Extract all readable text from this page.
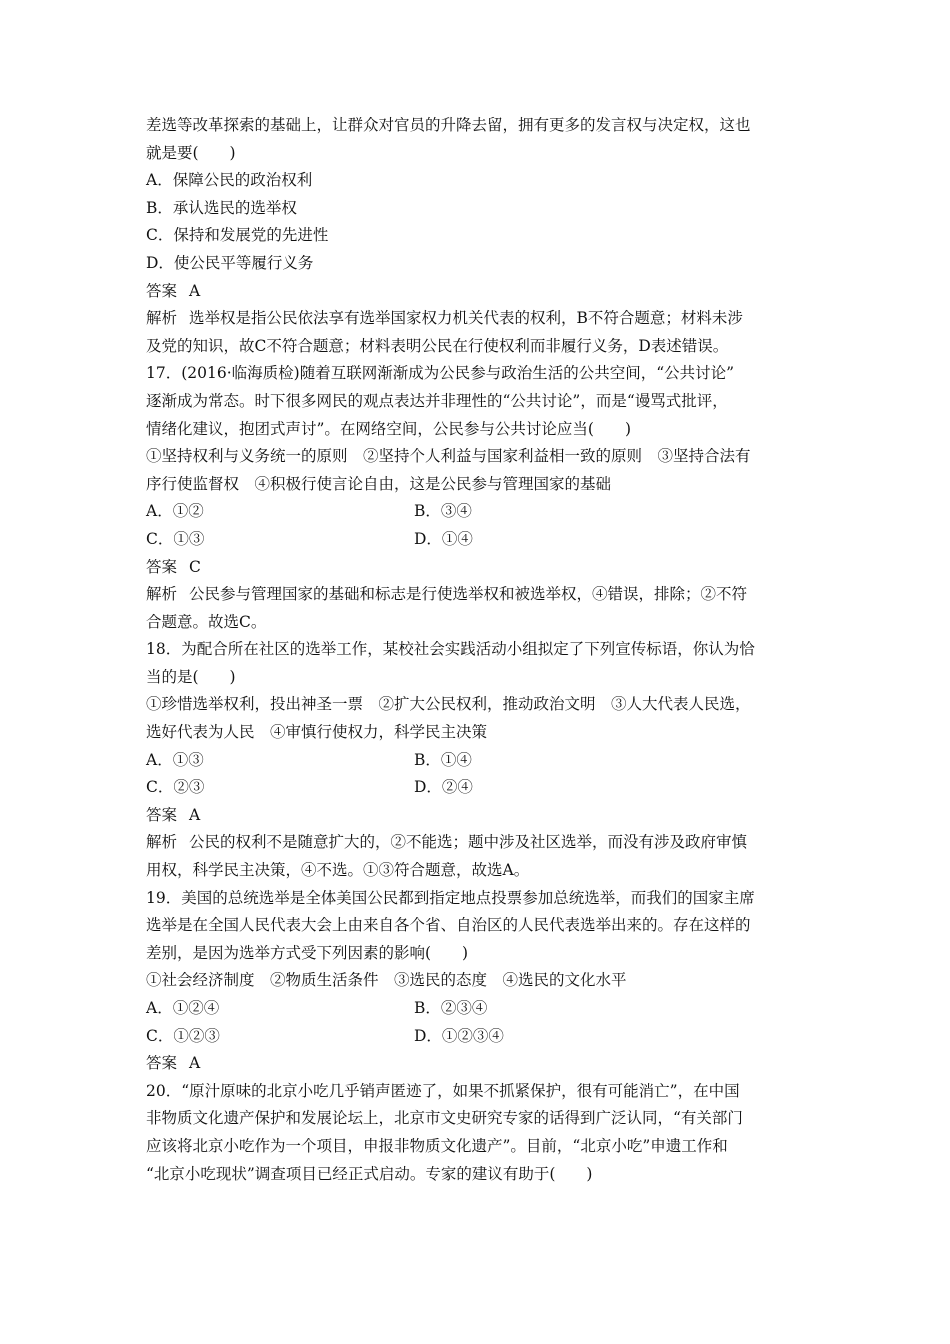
差选等改革探索的基础上，让群众对官员的升降去留，拥有更多的发言权与决定权，这也
就是要(　　)
A．保障公民的政治权利
B．承认选民的选举权
C．保持和发展党的先进性
D．使公民平等履行义务
答案 A
解析 选举权是指公民依法享有选举国家权力机关代表的权利，B不符合题意；材料未涉
及党的知识，故C不符合题意；材料表明公民在行使权利而非履行义务，D表述错误。
17．(2016·临海质检)随着互联网渐渐成为公民参与政治生活的公共空间，“公共讨论”
逐渐成为常态。时下很多网民的观点表达并非理性的“公共讨论”，而是“谩骂式批评，
情绪化建议，抱团式声讨”。在网络空间，公民参与公共讨论应当(　　)
①坚持权利与义务统一的原则　②坚持个人利益与国家利益相一致的原则　③坚持合法有
序行使监督权　④积极行使言论自由，这是公民参与管理国家的基础
A．①②	B．③④
C．①③	D．①④
答案 C
解析 公民参与管理国家的基础和标志是行使选举权和被选举权，④错误，排除；②不符
合题意。故选C。
18．为配合所在社区的选举工作，某校社会实践活动小组拟定了下列宣传标语，你认为恰
当的是(　　)
①珍惜选举权利，投出神圣一票　②扩大公民权利，推动政治文明　③人大代表人民选，
选好代表为人民　④审慎行使权力，科学民主决策
A．①③	B．①④
C．②③	D．②④
答案 A
解析 公民的权利不是随意扩大的，②不能选；题中涉及社区选举，而没有涉及政府审慎
用权，科学民主决策，④不选。①③符合题意，故选A。
19．美国的总统选举是全体美国公民都到指定地点投票参加总统选举，而我们的国家主席
选举是在全国人民代表大会上由来自各个省、自治区的人民代表选举出来的。存在这样的
差别，是因为选举方式受下列因素的影响(　　)
①社会经济制度　②物质生活条件　③选民的态度　④选民的文化水平
A．①②④	B．②③④
C．①②③	D．①②③④
答案 A
20．“原汁原味的北京小吃几乎销声匿迹了，如果不抓紧保护，很有可能消亡”，在中国
非物质文化遗产保护和发展论坛上，北京市文史研究专家的话得到广泛认同，“有关部门
应该将北京小吃作为一个项目，申报非物质文化遗产”。目前，“北京小吃”申遗工作和
“北京小吃现状”调查项目已经正式启动。专家的建议有助于(　　)
